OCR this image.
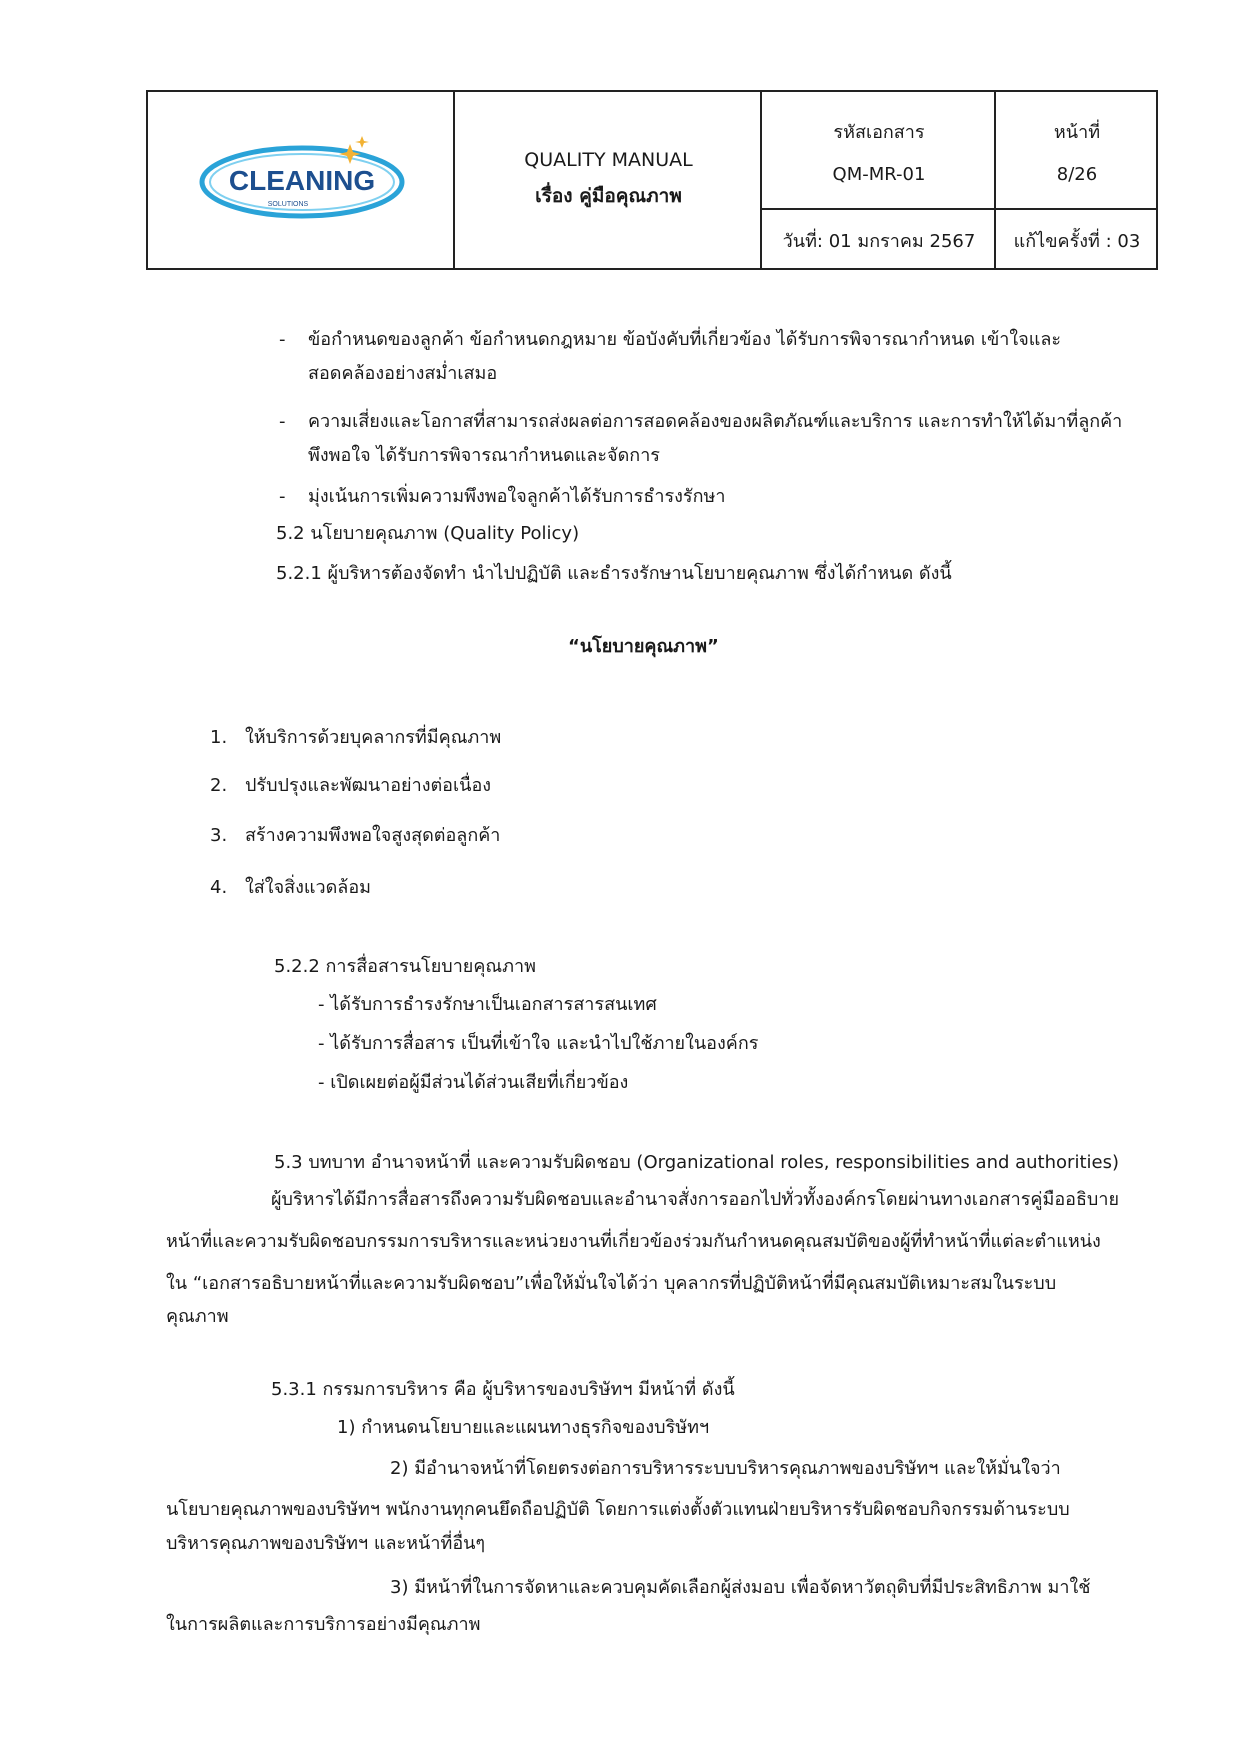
CLEANING
SOLUTIONS
QUALITY MANUAL
เรื่อง คู่มือคุณภาพ
รหัสเอกสาร
QM-MR-01
วันที่: 01 มกราคม 2567
หน้าที่
8/26
แก้ไขครั้งที่ : 03
- ข้อกำหนดของลูกค้า ข้อกำหนดกฎหมาย ข้อบังคับที่เกี่ยวข้อง ได้รับการพิจารณากำหนด เข้าใจและ
สอดคล้องอย่างสม่ำเสมอ
- ความเสี่ยงและโอกาสที่สามารถส่งผลต่อการสอดคล้องของผลิตภัณฑ์และบริการ และการทำให้ได้มาที่ลูกค้า
พึงพอใจ ได้รับการพิจารณากำหนดและจัดการ
- มุ่งเน้นการเพิ่มความพึงพอใจลูกค้าได้รับการธำรงรักษา
5.2 นโยบายคุณภาพ (Quality Policy)
5.2.1 ผู้บริหารต้องจัดทำ นำไปปฏิบัติ และธำรงรักษานโยบายคุณภาพ ซึ่งได้กำหนด ดังนี้
“นโยบายคุณภาพ”
1. ให้บริการด้วยบุคลากรที่มีคุณภาพ
2. ปรับปรุงและพัฒนาอย่างต่อเนื่อง
3. สร้างความพึงพอใจสูงสุดต่อลูกค้า
4. ใส่ใจสิ่งแวดล้อม
5.2.2 การสื่อสารนโยบายคุณภาพ
- ได้รับการธำรงรักษาเป็นเอกสารสารสนเทศ
- ได้รับการสื่อสาร เป็นที่เข้าใจ และนำไปใช้ภายในองค์กร
- เปิดเผยต่อผู้มีส่วนได้ส่วนเสียที่เกี่ยวข้อง
5.3 บทบาท อำนาจหน้าที่ และความรับผิดชอบ (Organizational roles, responsibilities and authorities)
ผู้บริหารได้มีการสื่อสารถึงความรับผิดชอบและอำนาจสั่งการออกไปทั่วทั้งองค์กรโดยผ่านทางเอกสารคู่มืออธิบาย
หน้าที่และความรับผิดชอบกรรมการบริหารและหน่วยงานที่เกี่ยวข้องร่วมกันกำหนดคุณสมบัติของผู้ที่ทำหน้าที่แต่ละตำแหน่ง
ใน “เอกสารอธิบายหน้าที่และความรับผิดชอบ”เพื่อให้มั่นใจได้ว่า บุคลากรที่ปฏิบัติหน้าที่มีคุณสมบัติเหมาะสมในระบบ
คุณภาพ
5.3.1 กรรมการบริหาร คือ ผู้บริหารของบริษัทฯ มีหน้าที่ ดังนี้
1) กำหนดนโยบายและแผนทางธุรกิจของบริษัทฯ
2) มีอำนาจหน้าที่โดยตรงต่อการบริหารระบบบริหารคุณภาพของบริษัทฯ และให้มั่นใจว่า
นโยบายคุณภาพของบริษัทฯ พนักงานทุกคนยึดถือปฏิบัติ โดยการแต่งตั้งตัวแทนฝ่ายบริหารรับผิดชอบกิจกรรมด้านระบบ
บริหารคุณภาพของบริษัทฯ และหน้าที่อื่นๆ
3) มีหน้าที่ในการจัดหาและควบคุมคัดเลือกผู้ส่งมอบ เพื่อจัดหาวัตถุดิบที่มีประสิทธิภาพ มาใช้
ในการผลิตและการบริการอย่างมีคุณภาพ
